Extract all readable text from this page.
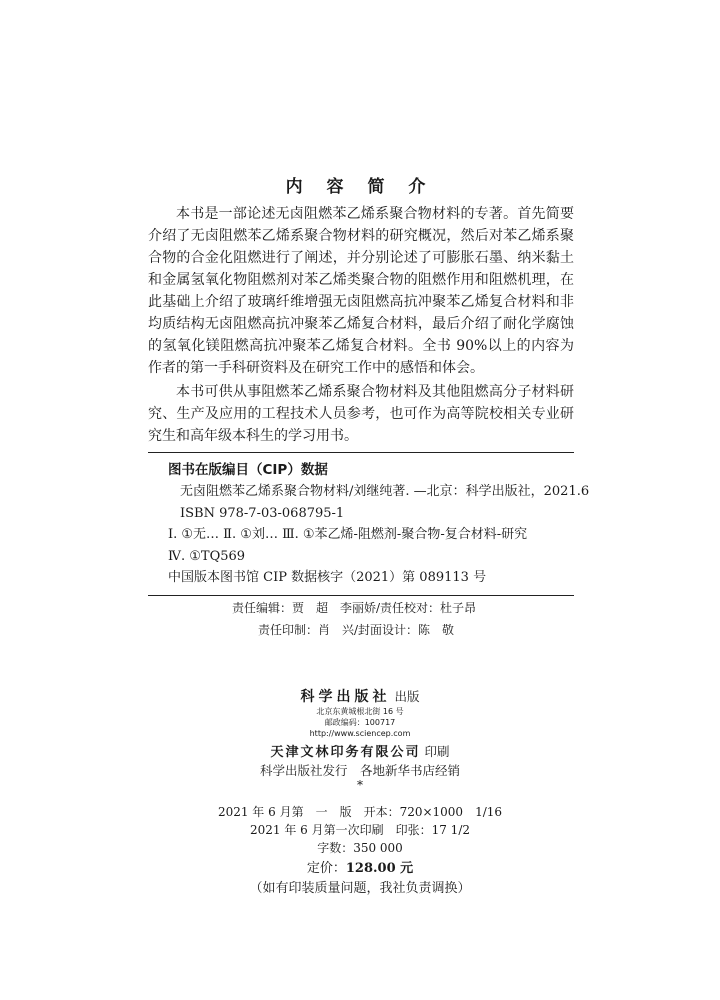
内 容 简 介

本书是一部论述无卤阻燃苯乙烯系聚合物材料的专著。首先简要介绍了无卤阻燃苯乙烯系聚合物材料的研究概况，然后对苯乙烯系聚合物的合金化阻燃进行了阐述，并分别论述了可膨胀石墨、纳米黏土和金属氢氧化物阻燃剂对苯乙烯类聚合物的阻燃作用和阻燃机理，在此基础上介绍了玻璃纤维增强无卤阻燃高抗冲聚苯乙烯复合材料和非均质结构无卤阻燃高抗冲聚苯乙烯复合材料，最后介绍了耐化学腐蚀的氢氧化镁阻燃高抗冲聚苯乙烯复合材料。全书 90%以上的内容为作者的第一手科研资料及在研究工作中的感悟和体会。

本书可供从事阻燃苯乙烯系聚合物材料及其他阻燃高分子材料研究、生产及应用的工程技术人员参考，也可作为高等院校相关专业研究生和高年级本科生的学习用书。

图书在版编目（CIP）数据
无卤阻燃苯乙烯系聚合物材料/刘继纯著. —北京：科学出版社，2021.6
ISBN 978-7-03-068795-1
Ⅰ. ①无… Ⅱ. ①刘… Ⅲ. ①苯乙烯-阻燃剂-聚合物-复合材料-研究
Ⅳ. ①TQ569
中国版本图书馆 CIP 数据核字（2021）第 089113 号
责任编辑：贾　超　李丽娇/责任校对：杜子昂
责任印制：肖　兴/封面设计：陈　敬
科学出版社 出版
北京东黄城根北街 16 号
邮政编码：100717
http://www.sciencep.com
天津文林印务有限公司 印刷
科学出版社发行　各地新华书店经销
*
2021 年 6 月第　一　版　开本：720×1000　1/16
2021 年 6 月第一次印刷　印张：17 1/2
字数：350 000
定价：128.00 元
（如有印装质量问题，我社负责调换）
